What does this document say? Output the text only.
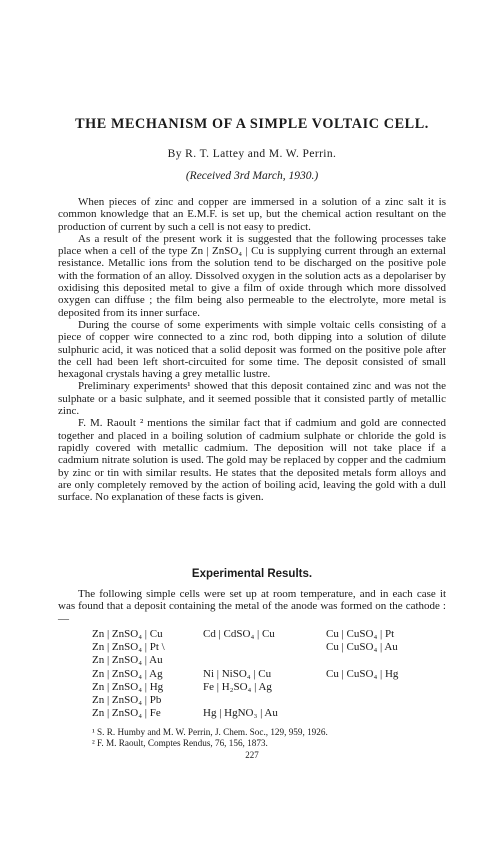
THE MECHANISM OF A SIMPLE VOLTAIC CELL.
By R. T. Lattey and M. W. Perrin.
(Received 3rd March, 1930.)

When pieces of zinc and copper are immersed in a solution of a zinc salt it is common knowledge that an E.M.F. is set up, but the chemical action resultant on the production of current by such a cell is not easy to predict.

As a result of the present work it is suggested that the following processes take place when a cell of the type Zn | ZnSO₄ | Cu is supplying current through an external resistance. Metallic ions from the solution tend to be discharged on the positive pole with the formation of an alloy. Dissolved oxygen in the solution acts as a depolariser by oxidising this deposited metal to give a film of oxide through which more dissolved oxygen can diffuse ; the film being also permeable to the electrolyte, more metal is deposited from its inner surface.

During the course of some experiments with simple voltaic cells consisting of a piece of copper wire connected to a zinc rod, both dipping into a solution of dilute sulphuric acid, it was noticed that a solid deposit was formed on the positive pole after the cell had been left short-circuited for some time. The deposit consisted of small hexagonal crystals having a grey metallic lustre.

Preliminary experiments¹ showed that this deposit contained zinc and was not the sulphate or a basic sulphate, and it seemed possible that it consisted partly of metallic zinc.

F. M. Raoult ² mentions the similar fact that if cadmium and gold are connected together and placed in a boiling solution of cadmium sulphate or chloride the gold is rapidly covered with metallic cadmium. The deposition will not take place if a cadmium nitrate solution is used. The gold may be replaced by copper and the cadmium by zinc or tin with similar results. He states that the deposited metals form alloys and are only completely removed by the action of boiling acid, leaving the gold with a dull surface. No explanation of these facts is given.

Experimental Results.

The following simple cells were set up at room temperature, and in each case it was found that a deposit containing the metal of the anode was formed on the cathode :—

Zn | ZnSO₄ | Cu
Zn | ZnSO₄ | Pt \
Zn | ZnSO₄ | Au
Zn | ZnSO₄ | Ag
Zn | ZnSO₄ | Hg
Zn | ZnSO₄ | Pb
Zn | ZnSO₄ | Fe
Cd | CdSO₄ | Cu
Ni | NiSO₄ | Cu
Fe | H₂SO₄ | Ag
Hg | HgNO₃ | Au
Cu | CuSO₄ | Pt
Cu | CuSO₄ | Au
Cu | CuSO₄ | Hg
¹ S. R. Humby and M. W. Perrin, J. Chem. Soc., 129, 959, 1926.
² F. M. Raoult, Comptes Rendus, 76, 156, 1873.
227
